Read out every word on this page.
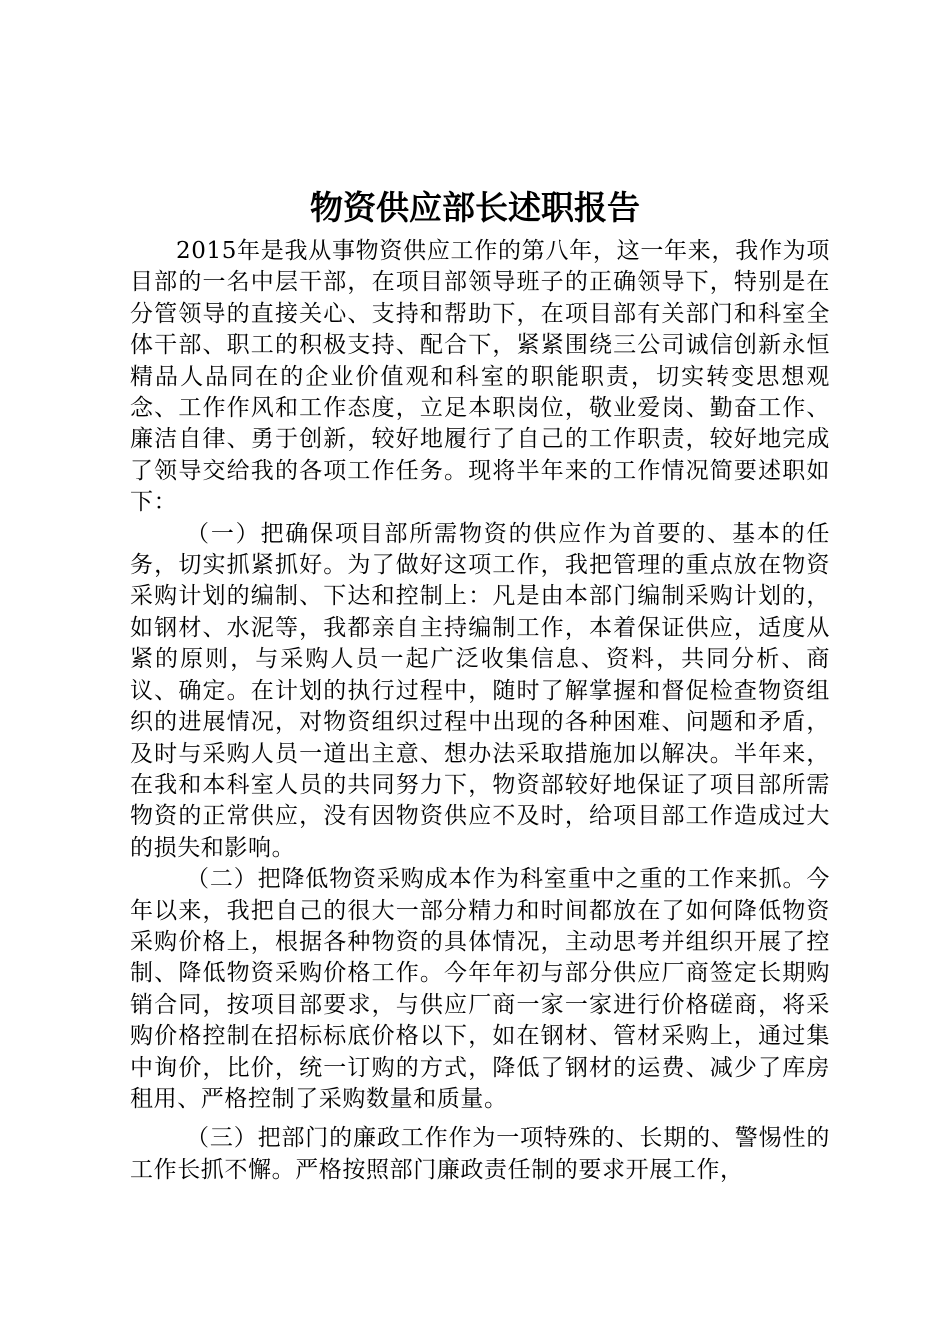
物资供应部长述职报告

2015年是我从事物资供应工作的第八年，这一年来，我作为项目部的一名中层干部，在项目部领导班子的正确领导下，特别是在分管领导的直接关心、支持和帮助下，在项目部有关部门和科室全体干部、职工的积极支持、配合下，紧紧围绕三公司诚信创新永恒精品人品同在的企业价值观和科室的职能职责，切实转变思想观念、工作作风和工作态度，立足本职岗位，敬业爱岗、勤奋工作、廉洁自律、勇于创新，较好地履行了自己的工作职责，较好地完成了领导交给我的各项工作任务。现将半年来的工作情况简要述职如下：

（一）把确保项目部所需物资的供应作为首要的、基本的任务，切实抓紧抓好。为了做好这项工作，我把管理的重点放在物资采购计划的编制、下达和控制上：凡是由本部门编制采购计划的，如钢材、水泥等，我都亲自主持编制工作，本着保证供应，适度从紧的原则，与采购人员一起广泛收集信息、资料，共同分析、商议、确定。在计划的执行过程中，随时了解掌握和督促检查物资组织的进展情况，对物资组织过程中出现的各种困难、问题和矛盾，及时与采购人员一道出主意、想办法采取措施加以解决。半年来，在我和本科室人员的共同努力下，物资部较好地保证了项目部所需物资的正常供应，没有因物资供应不及时，给项目部工作造成过大的损失和影响。

（二）把降低物资采购成本作为科室重中之重的工作来抓。今年以来，我把自己的很大一部分精力和时间都放在了如何降低物资采购价格上，根据各种物资的具体情况，主动思考并组织开展了控制、降低物资采购价格工作。今年年初与部分供应厂商签定长期购销合同，按项目部要求，与供应厂商一家一家进行价格磋商，将采购价格控制在招标标底价格以下，如在钢材、管材采购上，通过集中询价，比价，统一订购的方式，降低了钢材的运费、减少了库房租用、严格控制了采购数量和质量。

（三）把部门的廉政工作作为一项特殊的、长期的、警惕性的工作长抓不懈。严格按照部门廉政责任制的要求开展工作，
